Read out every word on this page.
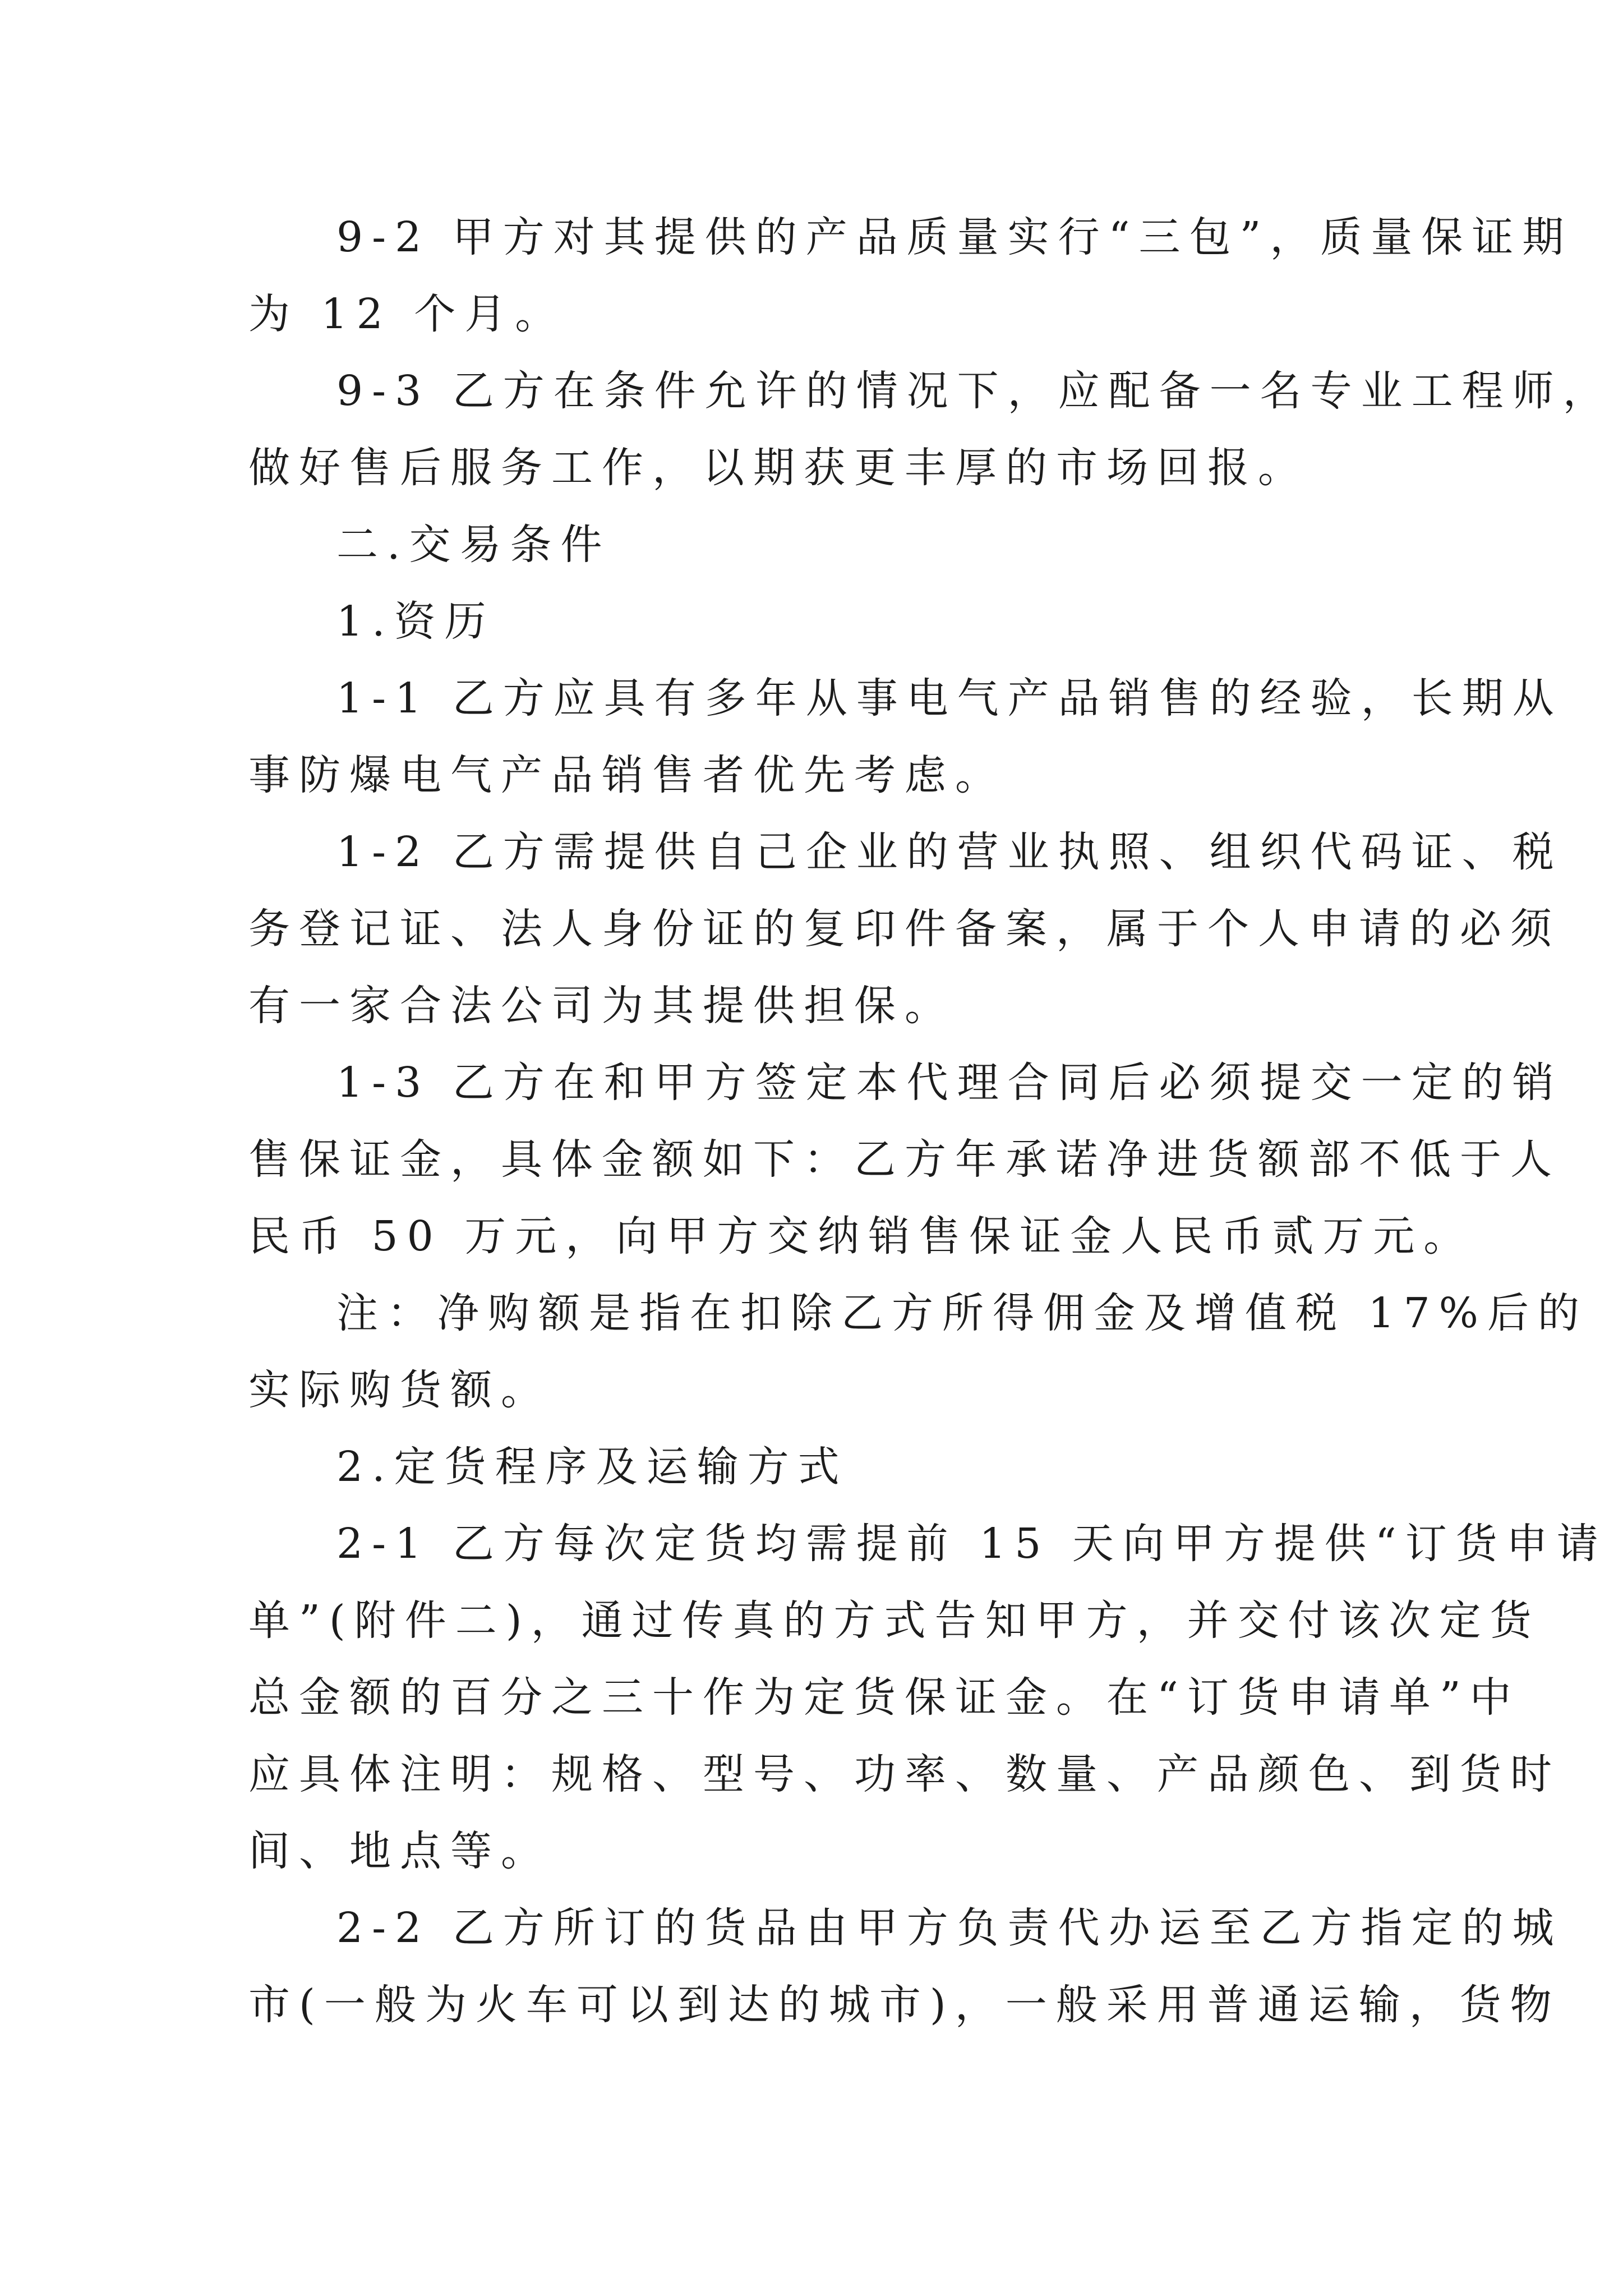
9-2 甲方对其提供的产品质量实行“三包”，质量保证期
为 12 个月。
9-3 乙方在条件允许的情况下，应配备一名专业工程师，
做好售后服务工作，以期获更丰厚的市场回报。
二.交易条件
1.资历
1-1 乙方应具有多年从事电气产品销售的经验，长期从
事防爆电气产品销售者优先考虑。
1-2 乙方需提供自己企业的营业执照、组织代码证、税
务登记证、法人身份证的复印件备案，属于个人申请的必须
有一家合法公司为其提供担保。
1-3 乙方在和甲方签定本代理合同后必须提交一定的销
售保证金，具体金额如下：乙方年承诺净进货额部不低于人
民币 50 万元，向甲方交纳销售保证金人民币贰万元。
注：净购额是指在扣除乙方所得佣金及增值税 17%后的
实际购货额。
2.定货程序及运输方式
2-1 乙方每次定货均需提前 15 天向甲方提供“订货申请
单”(附件二)，通过传真的方式告知甲方，并交付该次定货
总金额的百分之三十作为定货保证金。在“订货申请单”中
应具体注明：规格、型号、功率、数量、产品颜色、到货时
间、地点等。
2-2 乙方所订的货品由甲方负责代办运至乙方指定的城
市(一般为火车可以到达的城市)，一般采用普通运输，货物
